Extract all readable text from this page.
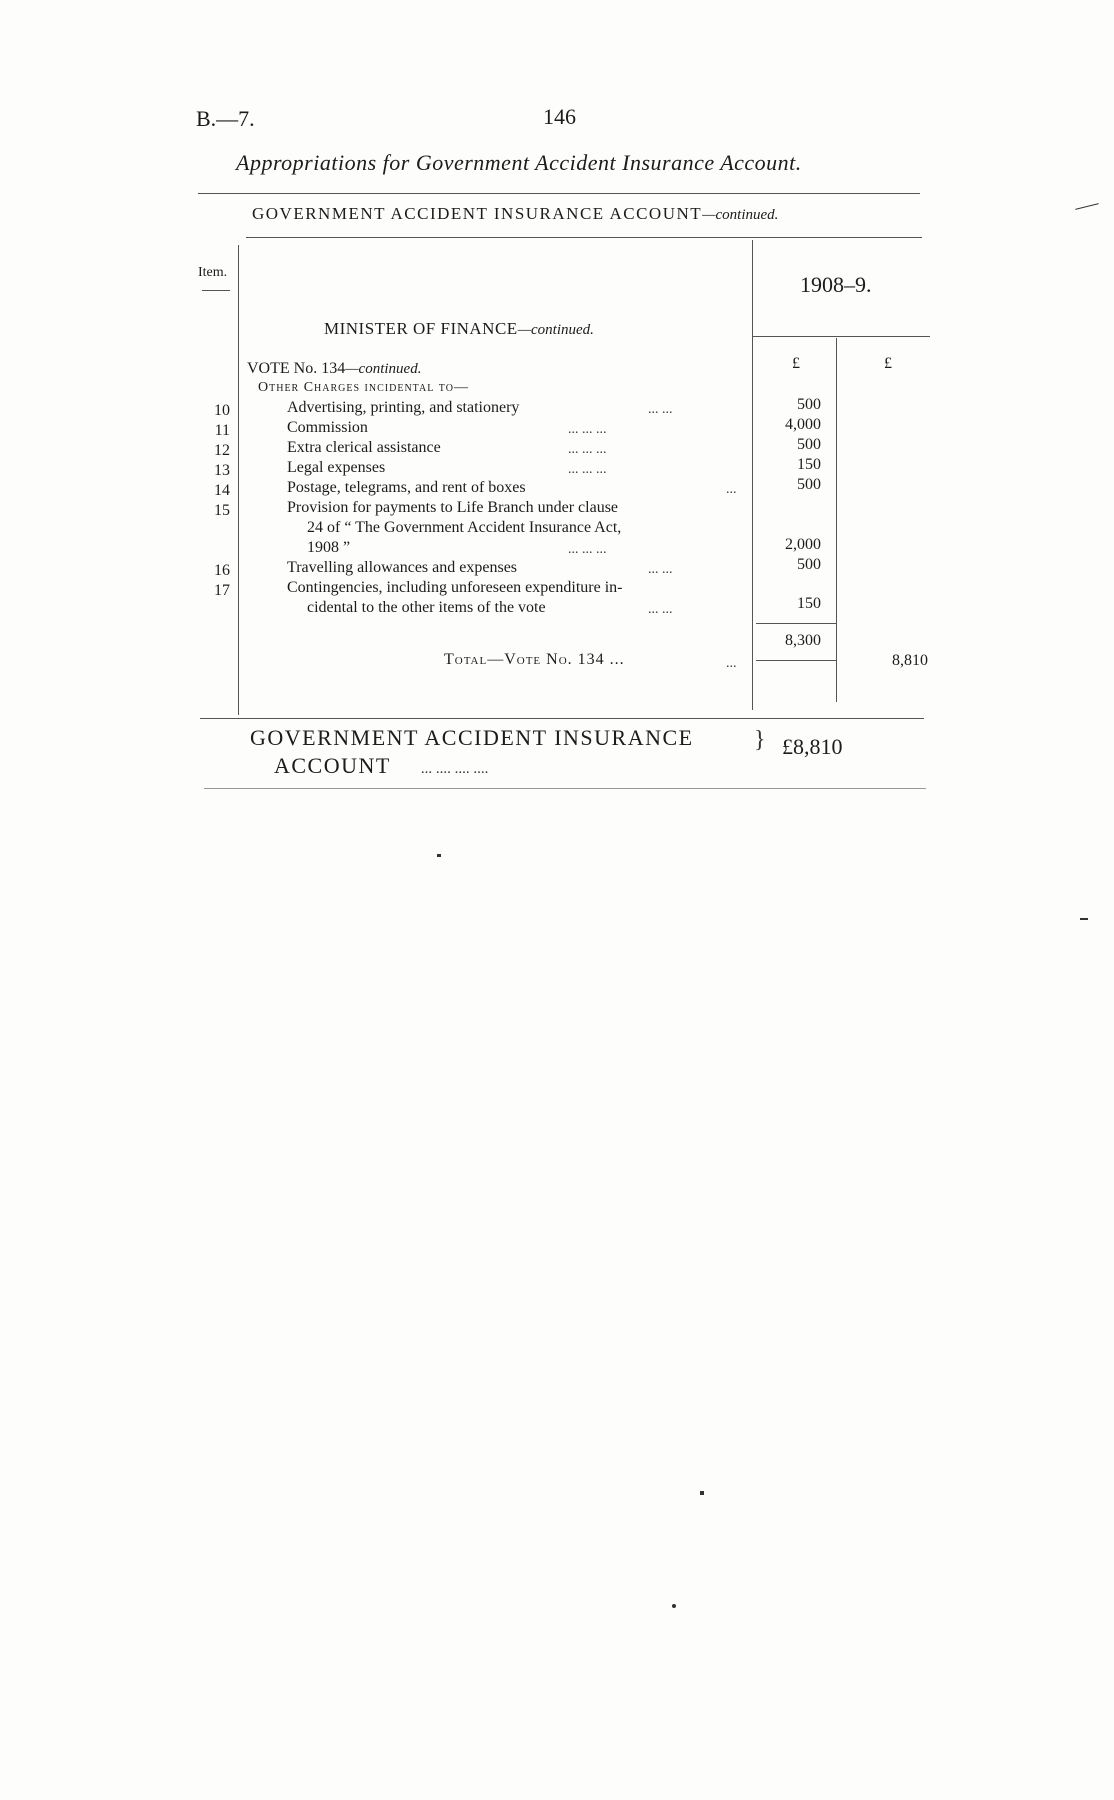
B.—7.	146
Appropriations for Government Accident Insurance Account.
GOVERNMENT ACCIDENT INSURANCE ACCOUNT—continued.
Item.	1908–9.
£	£
MINISTER OF FINANCE—continued.
VOTE No. 134—continued.
Other Charges incidental to—
10	Advertising, printing, and stationery	... ...	500
11	Commission	... ... ...	4,000
12	Extra clerical assistance	... ... ...	500
13	Legal expenses	... ... ...	150
14	Postage, telegrams, and rent of boxes	...	500
15	Provision for payments to Life Branch under clause
24 of “ The Government Accident Insurance Act,
1908 ”	... ... ...	2,000
16	Travelling allowances and expenses	... ...	500
17	Contingencies, including unforeseen expenditure in-
cidental to the other items of the vote	... ...	150
8,300
Total—Vote No. 134 ...	...	8,810
GOVERNMENT ACCIDENT INSURANCE
ACCOUNT ... .... .... ....
} £8,810
